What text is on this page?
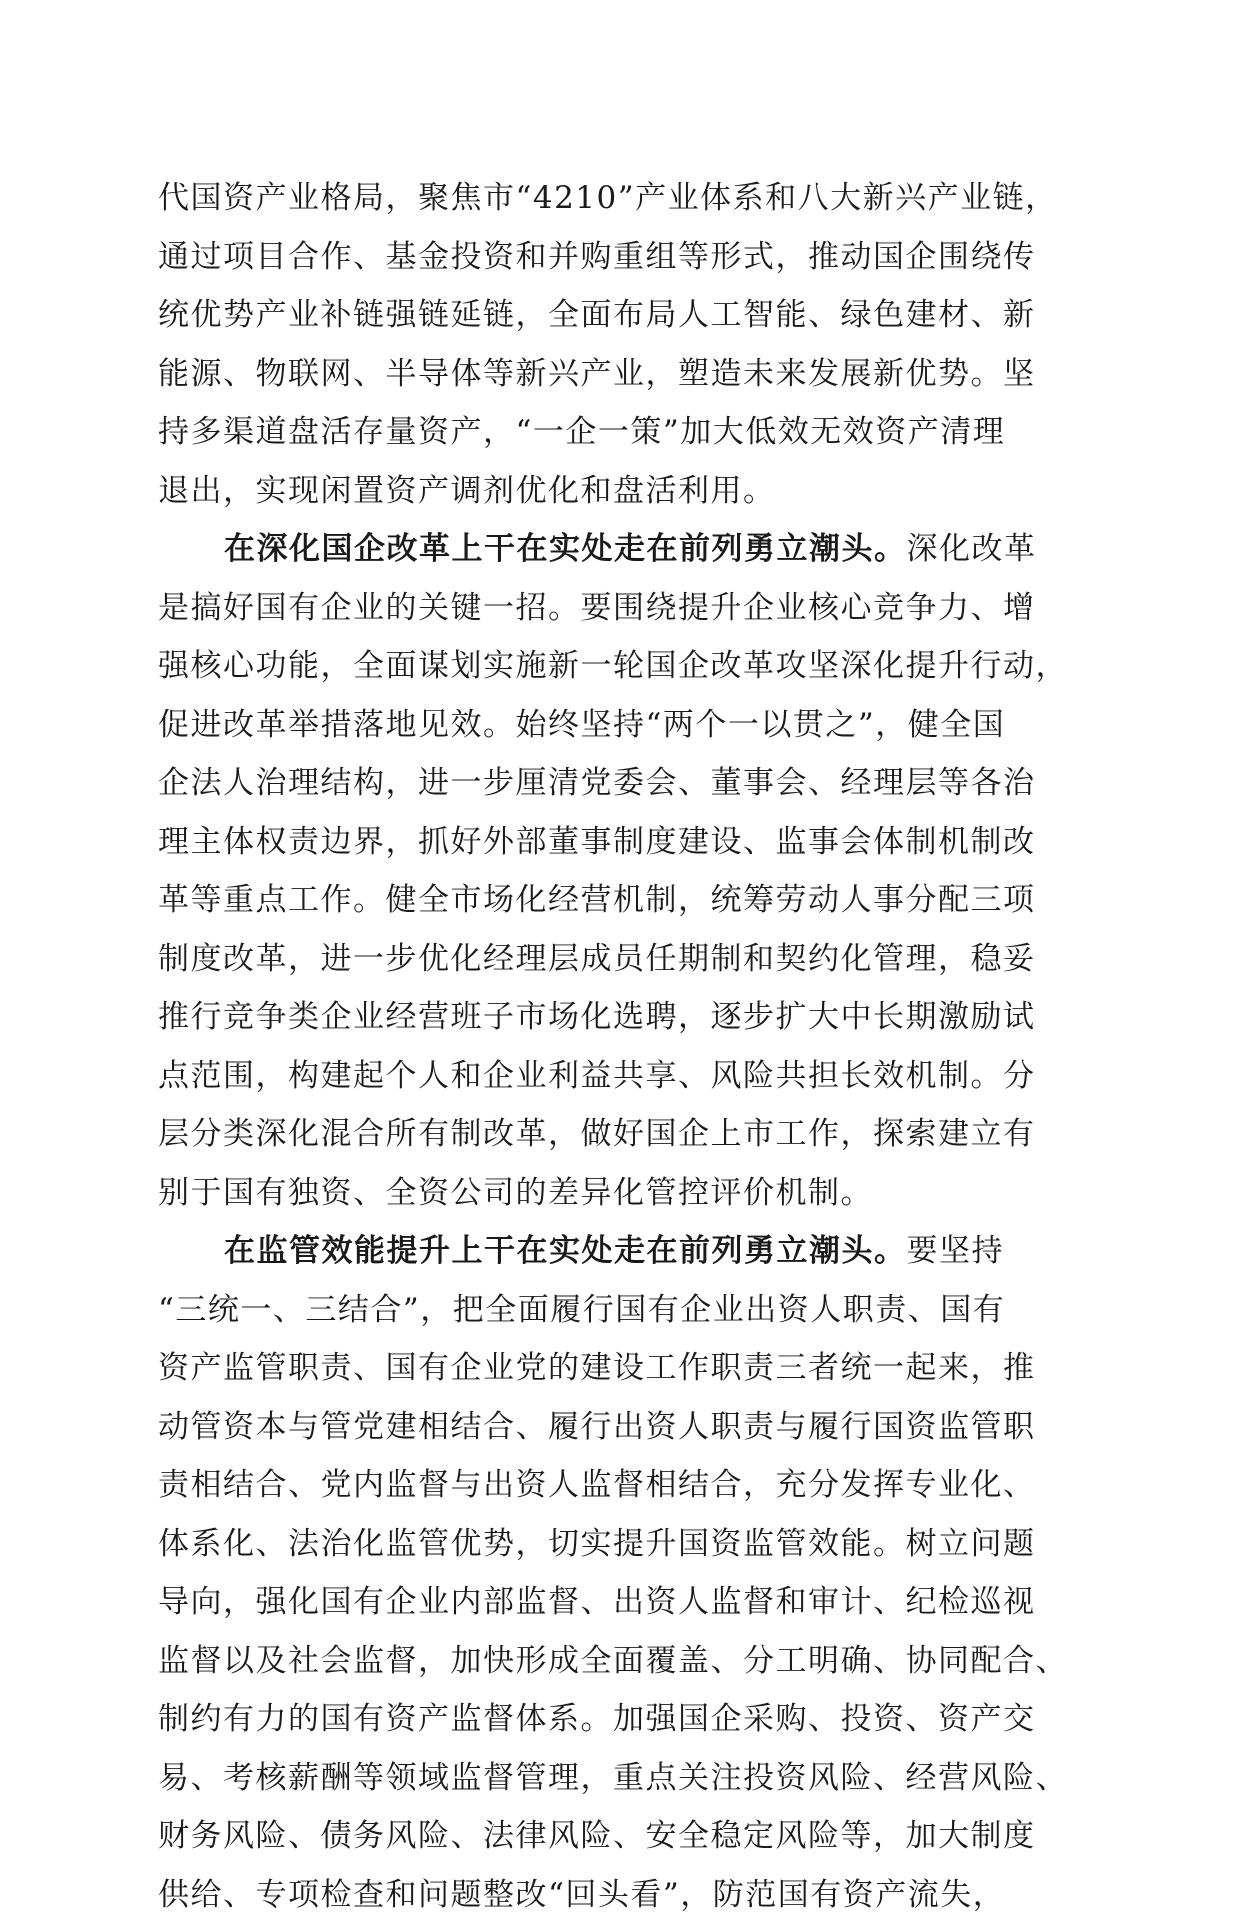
代国资产业格局，聚焦市“4210”产业体系和八大新兴产业链，
通过项目合作、基金投资和并购重组等形式，推动国企围绕传
统优势产业补链强链延链，全面布局人工智能、绿色建材、新
能源、物联网、半导体等新兴产业，塑造未来发展新优势。坚
持多渠道盘活存量资产，“一企一策”加大低效无效资产清理
退出，实现闲置资产调剂优化和盘活利用。
在深化国企改革上干在实处走在前列勇立潮头。深化改革
是搞好国有企业的关键一招。要围绕提升企业核心竞争力、增
强核心功能，全面谋划实施新一轮国企改革攻坚深化提升行动，
促进改革举措落地见效。始终坚持“两个一以贯之”，健全国
企法人治理结构，进一步厘清党委会、董事会、经理层等各治
理主体权责边界，抓好外部董事制度建设、监事会体制机制改
革等重点工作。健全市场化经营机制，统筹劳动人事分配三项
制度改革，进一步优化经理层成员任期制和契约化管理，稳妥
推行竞争类企业经营班子市场化选聘，逐步扩大中长期激励试
点范围，构建起个人和企业利益共享、风险共担长效机制。分
层分类深化混合所有制改革，做好国企上市工作，探索建立有
别于国有独资、全资公司的差异化管控评价机制。
在监管效能提升上干在实处走在前列勇立潮头。要坚持
“三统一、三结合”，把全面履行国有企业出资人职责、国有
资产监管职责、国有企业党的建设工作职责三者统一起来，推
动管资本与管党建相结合、履行出资人职责与履行国资监管职
责相结合、党内监督与出资人监督相结合，充分发挥专业化、
体系化、法治化监管优势，切实提升国资监管效能。树立问题
导向，强化国有企业内部监督、出资人监督和审计、纪检巡视
监督以及社会监督，加快形成全面覆盖、分工明确、协同配合、
制约有力的国有资产监督体系。加强国企采购、投资、资产交
易、考核薪酬等领域监督管理，重点关注投资风险、经营风险、
财务风险、债务风险、法律风险、安全稳定风险等，加大制度
供给、专项检查和问题整改“回头看”，防范国有资产流失，
